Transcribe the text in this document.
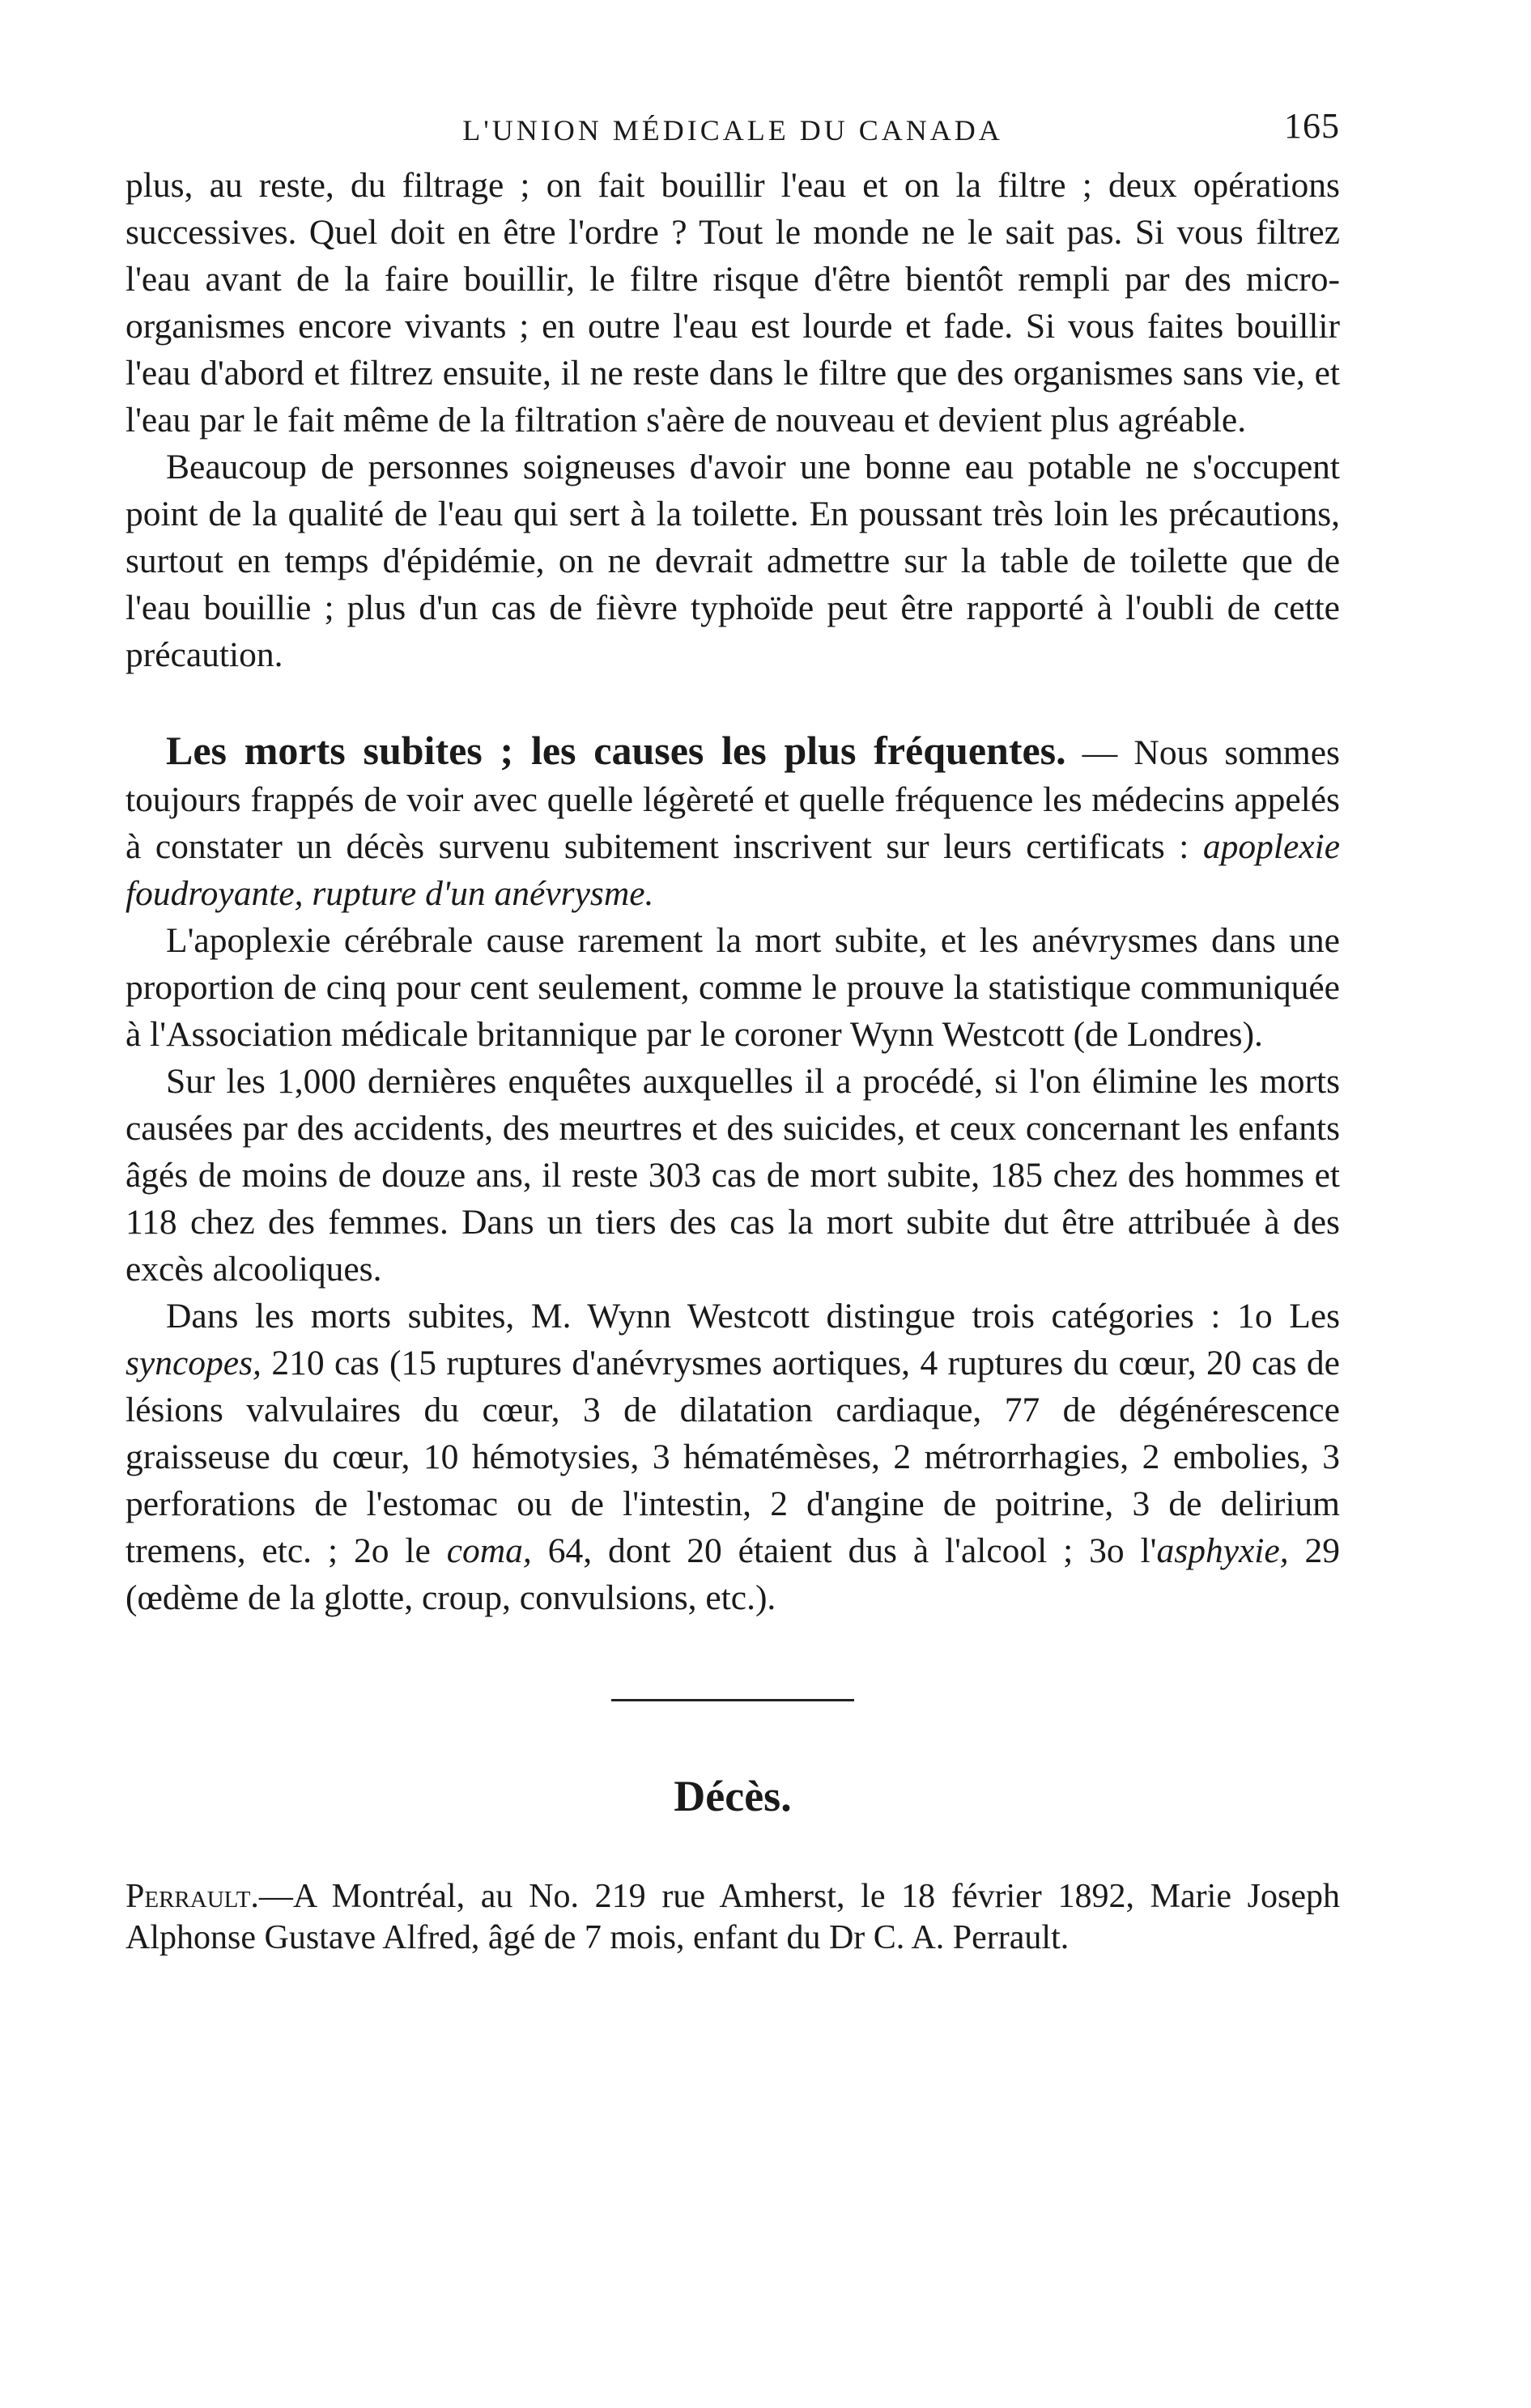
L'UNION MÉDICALE DU CANADA	165

plus, au reste, du filtrage ; on fait bouillir l'eau et on la filtre ; deux opérations successives. Quel doit en être l'ordre ? Tout le monde ne le sait pas. Si vous filtrez l'eau avant de la faire bouillir, le filtre risque d'être bientôt rempli par des micro-organismes encore vivants ; en outre l'eau est lourde et fade. Si vous faites bouillir l'eau d'abord et filtrez ensuite, il ne reste dans le filtre que des organismes sans vie, et l'eau par le fait même de la filtration s'aère de nouveau et devient plus agréable.

Beaucoup de personnes soigneuses d'avoir une bonne eau potable ne s'occupent point de la qualité de l'eau qui sert à la toilette. En poussant très loin les précautions, surtout en temps d'épidémie, on ne devrait admettre sur la table de toilette que de l'eau bouillie ; plus d'un cas de fièvre typhoïde peut être rapporté à l'oubli de cette précaution.

Les morts subites ; les causes les plus fréquentes. — Nous sommes toujours frappés de voir avec quelle légèreté et quelle fréquence les médecins appelés à constater un décès survenu subitement inscrivent sur leurs certificats : apoplexie foudroyante, rupture d'un anévrysme.

L'apoplexie cérébrale cause rarement la mort subite, et les anévrysmes dans une proportion de cinq pour cent seulement, comme le prouve la statistique communiquée à l'Association médicale britannique par le coroner Wynn Westcott (de Londres).

Sur les 1,000 dernières enquêtes auxquelles il a procédé, si l'on élimine les morts causées par des accidents, des meurtres et des suicides, et ceux concernant les enfants âgés de moins de douze ans, il reste 303 cas de mort subite, 185 chez des hommes et 118 chez des femmes. Dans un tiers des cas la mort subite dut être attribuée à des excès alcooliques.

Dans les morts subites, M. Wynn Westcott distingue trois catégories : 1o Les syncopes, 210 cas (15 ruptures d'anévrysmes aortiques, 4 ruptures du cœur, 20 cas de lésions valvulaires du cœur, 3 de dilatation cardiaque, 77 de dégénérescence graisseuse du cœur, 10 hémotysies, 3 hématémèses, 2 métrorrhagies, 2 embolies, 3 perforations de l'estomac ou de l'intestin, 2 d'angine de poitrine, 3 de delirium tremens, etc. ; 2o le coma, 64, dont 20 étaient dus à l'alcool ; 3o l'asphyxie, 29 (œdème de la glotte, croup, convulsions, etc.).

Décès.

Perrault.—A Montréal, au No. 219 rue Amherst, le 18 février 1892, Marie Joseph Alphonse Gustave Alfred, âgé de 7 mois, enfant du Dr C. A. Perrault.
